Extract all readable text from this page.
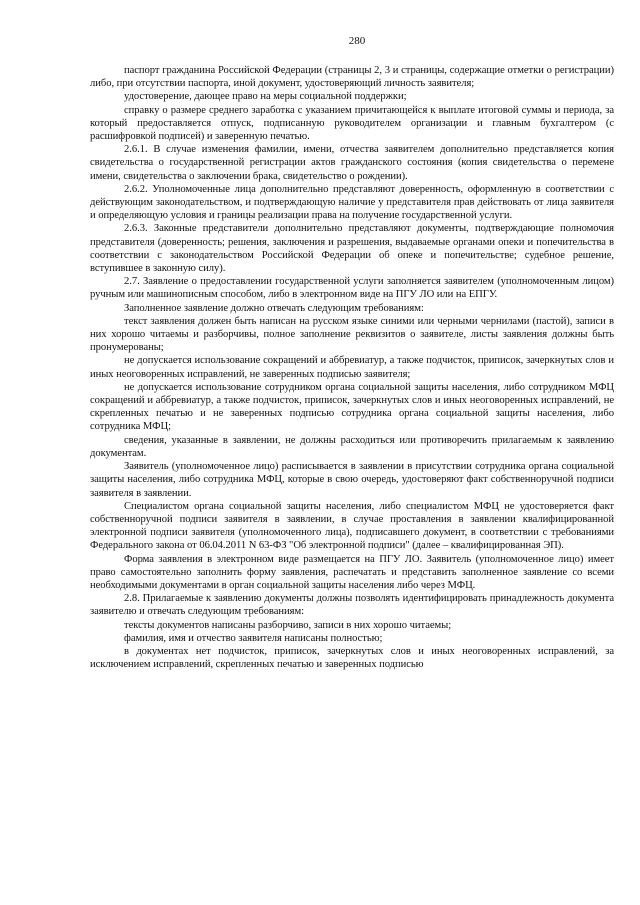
280

паспорт гражданина Российской Федерации (страницы 2, 3 и страницы, содержащие отметки о регистрации) либо, при отсутствии паспорта, иной документ, удостоверяющий личность заявителя;

удостоверение, дающее право на меры социальной поддержки;

справку о размере среднего заработка с указанием причитающейся к выплате итоговой суммы и периода, за который предоставляется отпуск, подписанную руководителем организации и главным бухгалтером (с расшифровкой подписей) и заверенную печатью.

2.6.1. В случае изменения фамилии, имени, отчества заявителем дополнительно представляется копия свидетельства о государственной регистрации актов гражданского состояния (копия свидетельства о перемене имени, свидетельства о заключении брака, свидетельство о рождении).

2.6.2. Уполномоченные лица дополнительно представляют доверенность, оформленную в соответствии с действующим законодательством, и подтверждающую наличие у представителя прав действовать от лица заявителя и определяющую условия и границы реализации права на получение государственной услуги.

2.6.3. Законные представители дополнительно представляют документы, подтверждающие полномочия представителя (доверенность; решения, заключения и разрешения, выдаваемые органами опеки и попечительства в соответствии с законодательством Российской Федерации об опеке и попечительстве; судебное решение, вступившее в законную силу).

2.7. Заявление о предоставлении государственной услуги заполняется заявителем (уполномоченным лицом) ручным или машинописным способом, либо в электронном виде на ПГУ ЛО или на ЕПГУ.

Заполненное заявление должно отвечать следующим требованиям:

текст заявления должен быть написан на русском языке синими или черными чернилами (пастой), записи в них хорошо читаемы и разборчивы, полное заполнение реквизитов о заявителе, листы заявления должны быть пронумерованы;

не допускается использование сокращений и аббревиатур, а также подчисток, приписок, зачеркнутых слов и иных неоговоренных исправлений, не заверенных подписью заявителя;

не допускается использование сотрудником органа социальной защиты населения, либо сотрудником МФЦ сокращений и аббревиатур, а также подчисток, приписок, зачеркнутых слов и иных неоговоренных исправлений, не скрепленных печатью и не заверенных подписью сотрудника органа социальной защиты населения, либо сотрудника МФЦ;

сведения, указанные в заявлении, не должны расходиться или противоречить прилагаемым к заявлению документам.

Заявитель (уполномоченное лицо) расписывается в заявлении в присутствии сотрудника органа социальной защиты населения, либо сотрудника МФЦ, которые в свою очередь, удостоверяют факт собственноручной подписи заявителя в заявлении.

Специалистом органа социальной защиты населения, либо специалистом МФЦ не удостоверяется факт собственноручной подписи заявителя в заявлении, в случае проставления в заявлении квалифицированной электронной подписи заявителя (уполномоченного лица), подписавшего документ, в соответствии с требованиями Федерального закона от 06.04.2011 N 63-ФЗ "Об электронной подписи" (далее – квалифицированная ЭП).

Форма заявления в электронном виде размещается на ПГУ ЛО. Заявитель (уполномоченное лицо) имеет право самостоятельно заполнить форму заявления, распечатать и представить заполненное заявление со всеми необходимыми документами в орган социальной защиты населения либо через МФЦ.

2.8. Прилагаемые к заявлению документы должны позволять идентифицировать принадлежность документа заявителю и отвечать следующим требованиям:

тексты документов написаны разборчиво, записи в них хорошо читаемы;

фамилия, имя и отчество заявителя написаны полностью;

в документах нет подчисток, приписок, зачеркнутых слов и иных неоговоренных исправлений, за исключением исправлений, скрепленных печатью и заверенных подписью
